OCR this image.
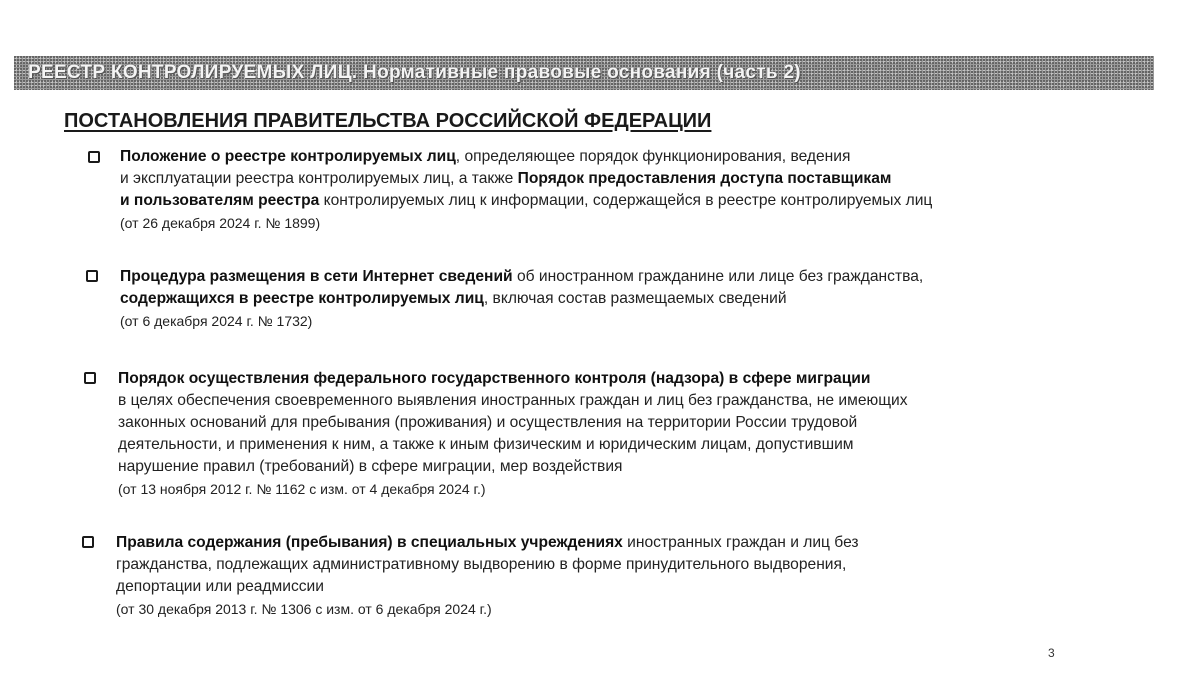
РЕЕСТР КОНТРОЛИРУЕМЫХ ЛИЦ. Нормативные правовые основания (часть 2)
ПОСТАНОВЛЕНИЯ ПРАВИТЕЛЬСТВА РОССИЙСКОЙ ФЕДЕРАЦИИ

Положение о реестре контролируемых лиц, определяющее порядок функционирования, ведения

и эксплуатации реестра контролируемых лиц, а также Порядок предоставления доступа поставщикам

и пользователям реестра контролируемых лиц к информации, содержащейся в реестре контролируемых лиц

(от 26 декабря 2024 г. № 1899)

Процедура размещения в сети Интернет сведений об иностранном гражданине или лице без гражданства,

содержащихся в реестре контролируемых лиц, включая состав размещаемых сведений

(от 6 декабря 2024 г. № 1732)

Порядок осуществления федерального государственного контроля (надзора) в сфере миграции

в целях обеспечения своевременного выявления иностранных граждан и лиц без гражданства, не имеющих

законных оснований для пребывания (проживания) и осуществления на территории России трудовой

деятельности, и применения к ним, а также к иным физическим и юридическим лицам, допустившим

нарушение правил (требований) в сфере миграции, мер воздействия

(от 13 ноября 2012 г. № 1162 с изм. от 4 декабря 2024 г.)

Правила содержания (пребывания) в специальных учреждениях иностранных граждан и лиц без

гражданства, подлежащих административному выдворению в форме принудительного выдворения,

депортации или реадмиссии

(от 30 декабря 2013 г. № 1306 с изм. от 6 декабря 2024 г.)

3
